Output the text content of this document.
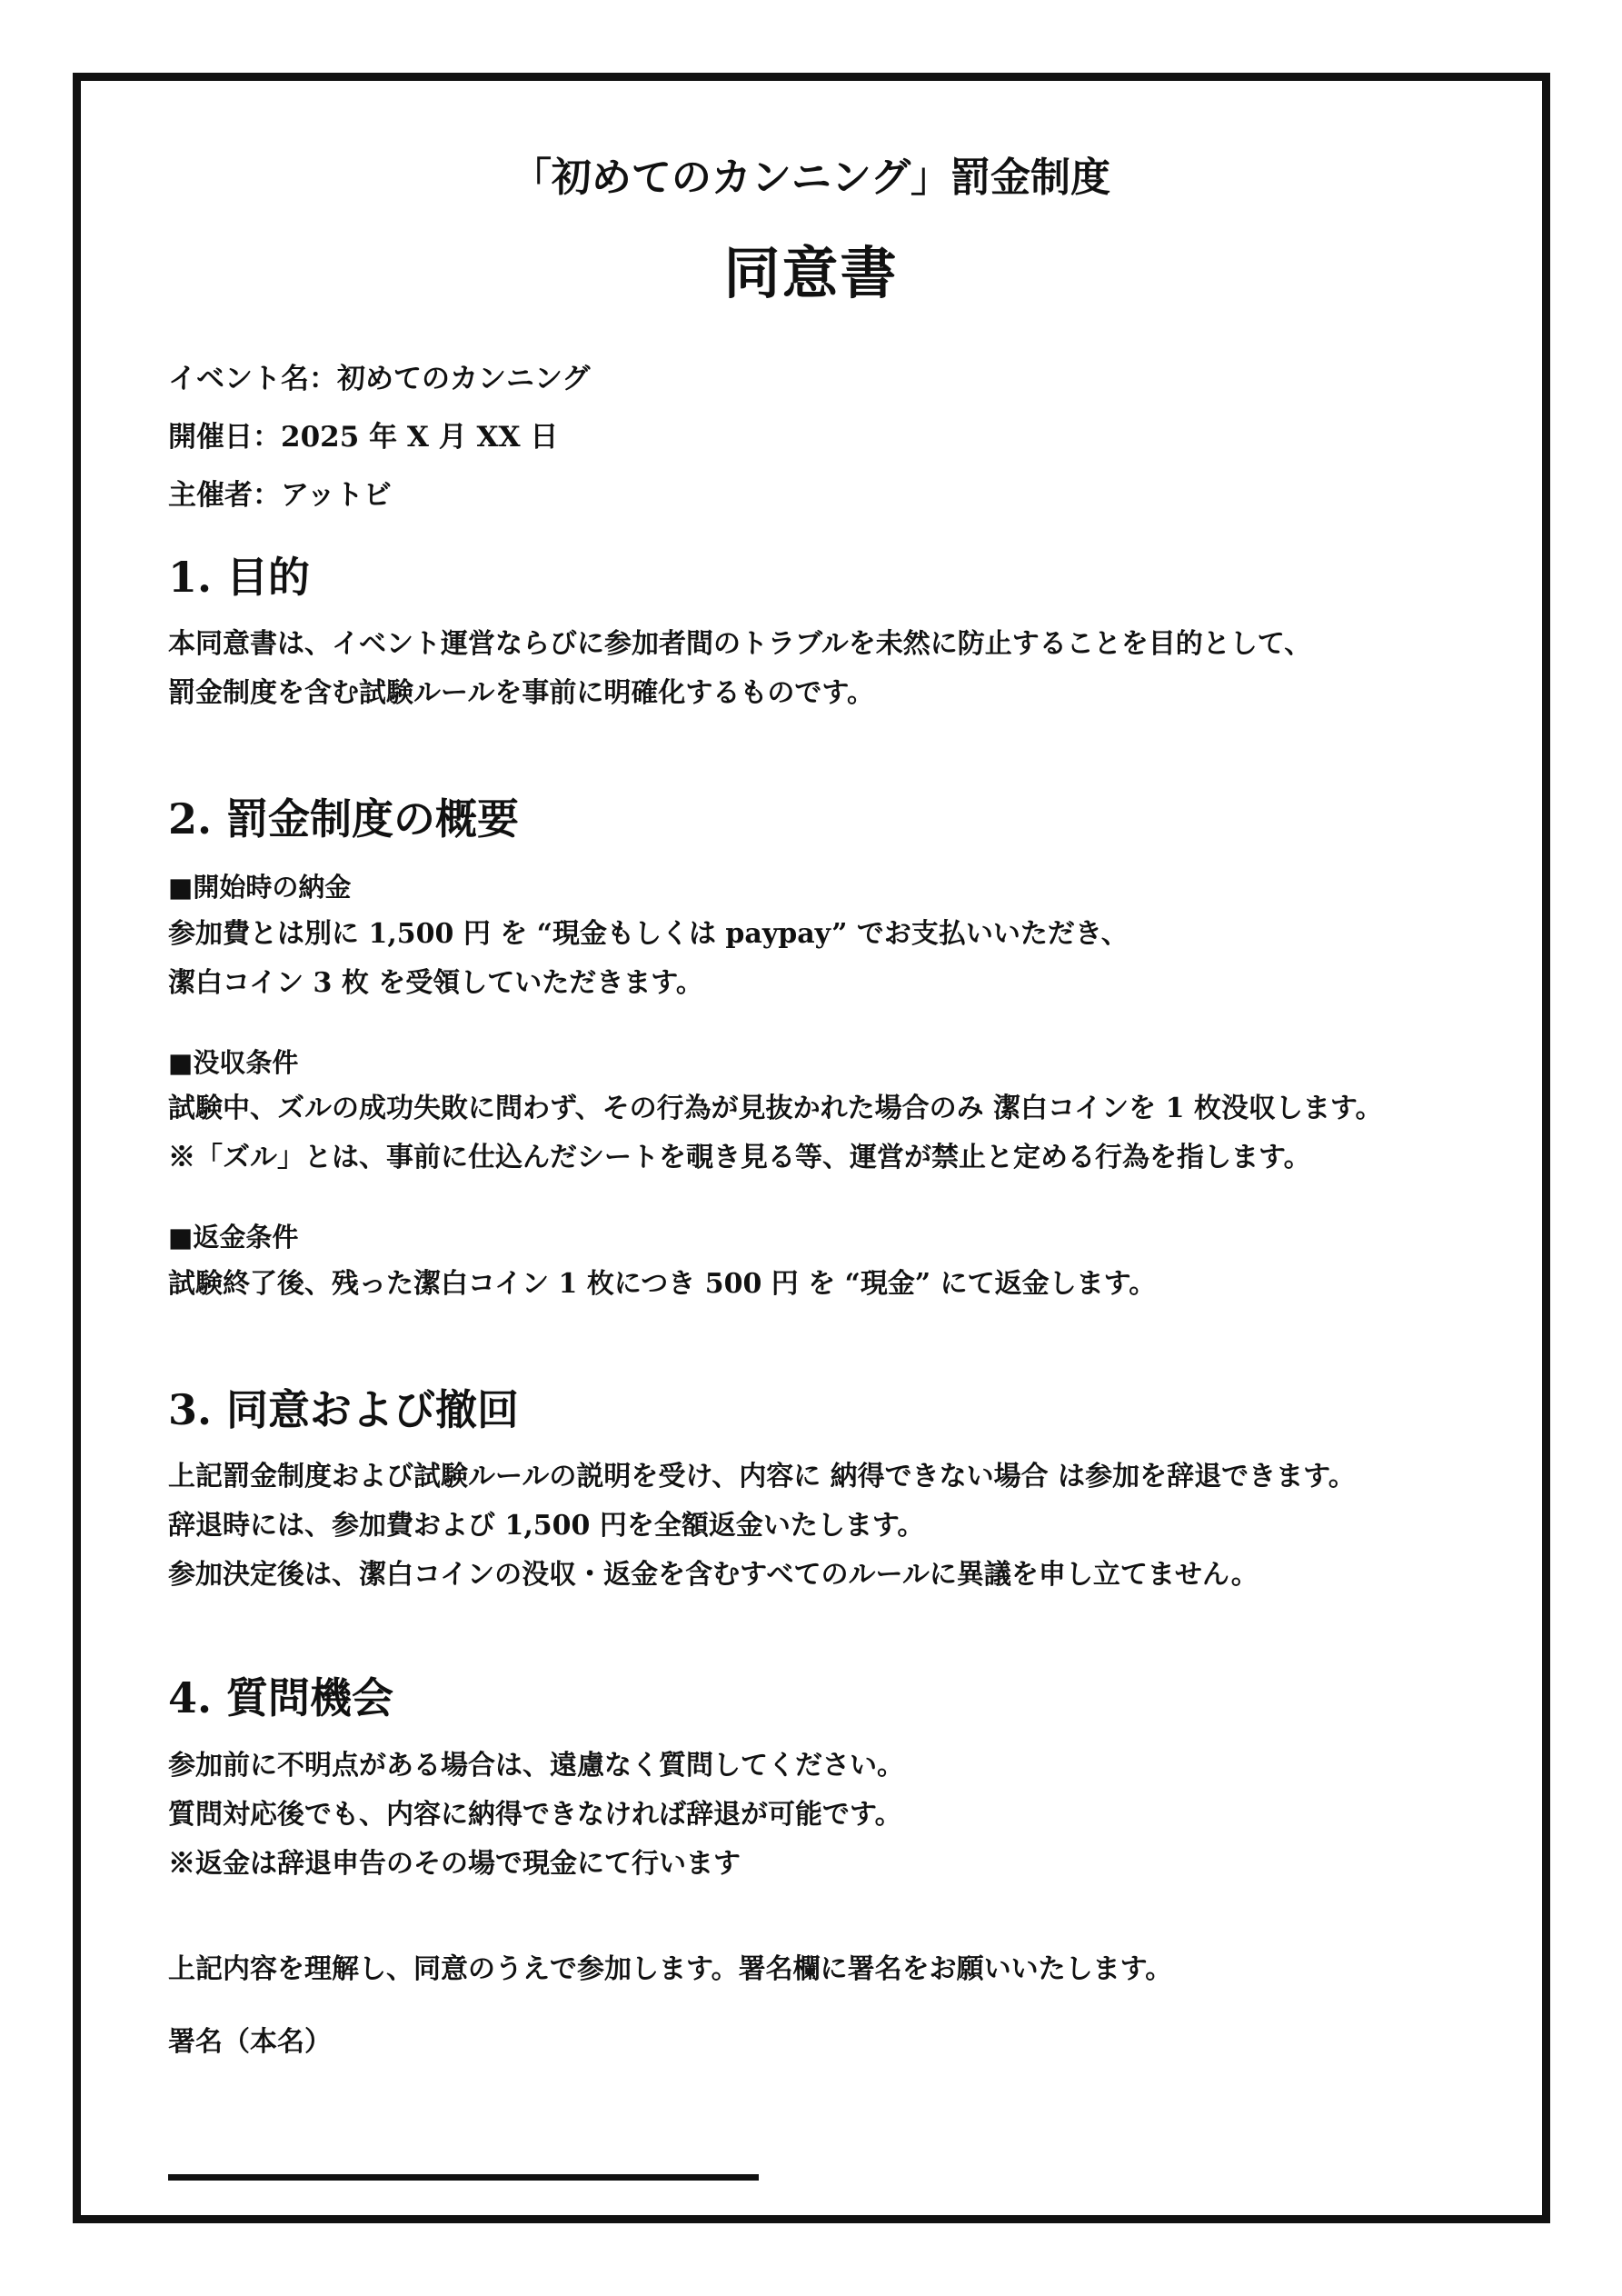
「初めてのカンニング」罰金制度
同意書
イベント名：初めてのカンニング
開催日：2025 年 X 月 XX 日
主催者：アットビ
1. 目的
本同意書は、イベント運営ならびに参加者間のトラブルを未然に防止することを目的として、
罰金制度を含む試験ルールを事前に明確化するものです。
2. 罰金制度の概要
■開始時の納金
参加費とは別に 1,500 円 を “現金もしくは paypay” でお支払いいただき、
潔白コイン 3 枚 を受領していただきます。
■没収条件
試験中、ズルの成功失敗に問わず、その行為が見抜かれた場合のみ 潔白コインを 1 枚没収します。
※「ズル」とは、事前に仕込んだシートを覗き見る等、運営が禁止と定める行為を指します。
■返金条件
試験終了後、残った潔白コイン 1 枚につき 500 円 を “現金” にて返金します。
3. 同意および撤回
上記罰金制度および試験ルールの説明を受け、内容に 納得できない場合 は参加を辞退できます。
辞退時には、参加費および 1,500 円を全額返金いたします。
参加決定後は、潔白コインの没収・返金を含むすべてのルールに異議を申し立てません。
4. 質問機会
参加前に不明点がある場合は、遠慮なく質問してください。
質問対応後でも、内容に納得できなければ辞退が可能です。
※返金は辞退申告のその場で現金にて行います
上記内容を理解し、同意のうえで参加します。署名欄に署名をお願いいたします。
署名（本名）
